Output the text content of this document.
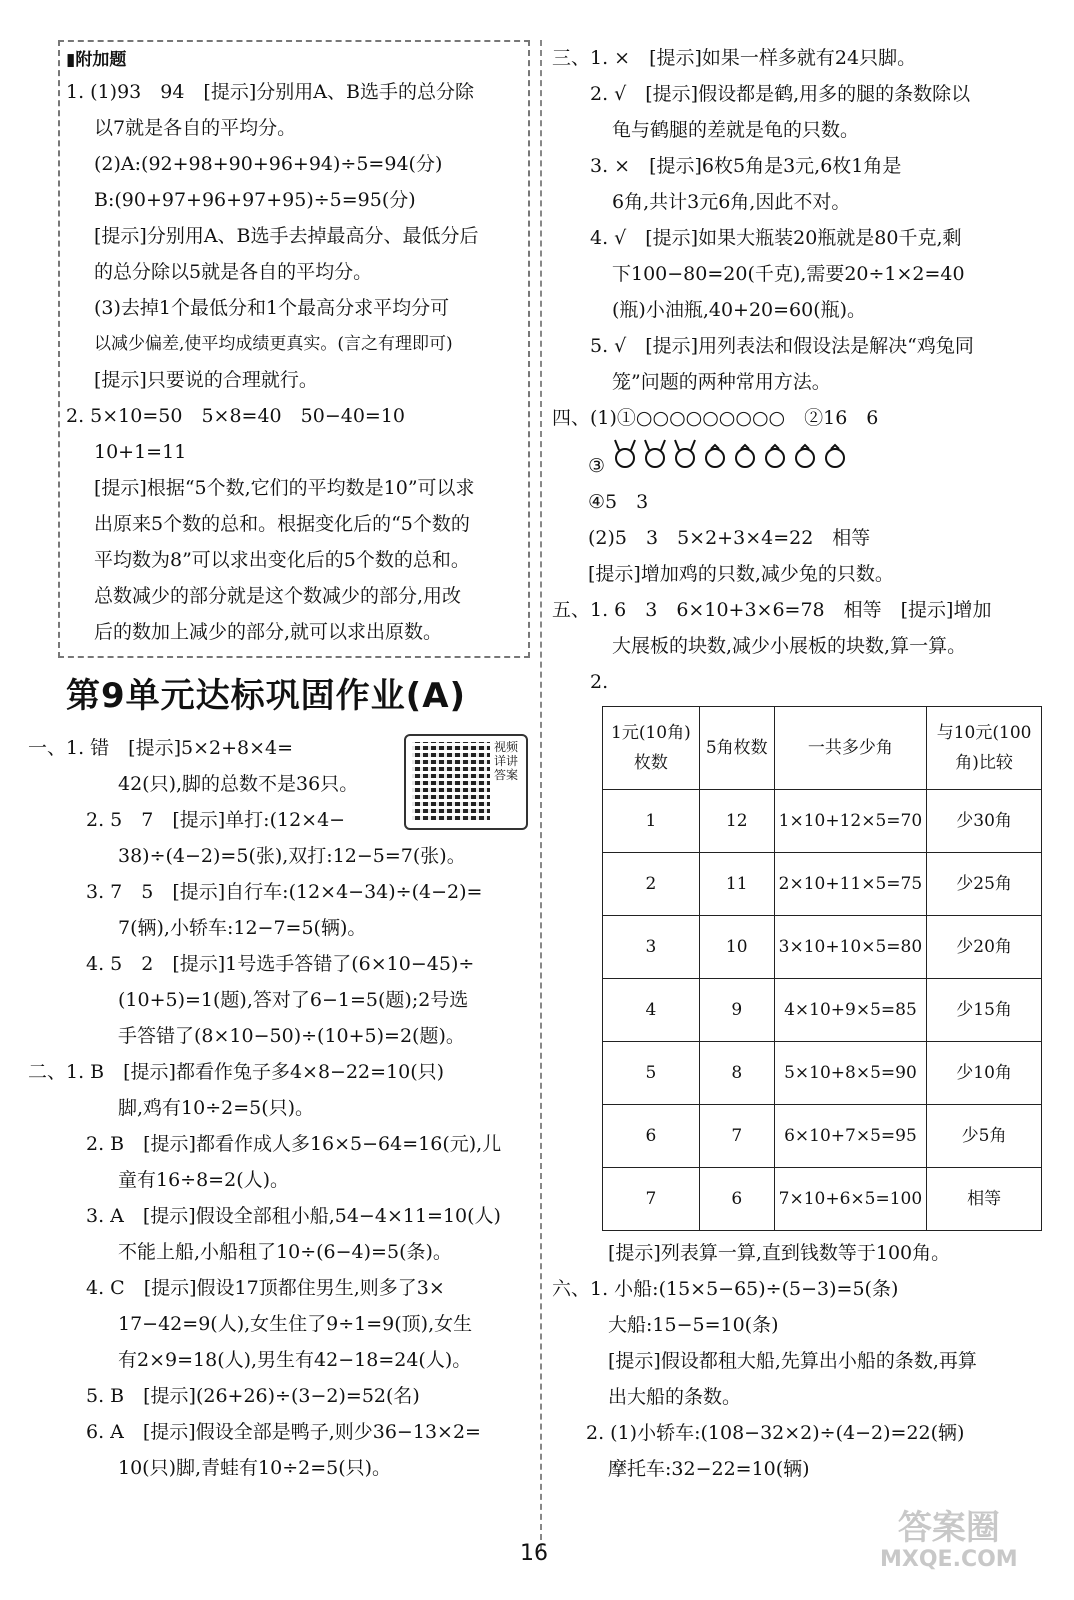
▮附加题
1. (1)93　94　[提示]分别用A、B选手的总分除
以7就是各自的平均分。
(2)A:(92+98+90+96+94)÷5=94(分)
B:(90+97+96+97+95)÷5=95(分)
[提示]分别用A、B选手去掉最高分、最低分后
的总分除以5就是各自的平均分。
(3)去掉1个最低分和1个最高分求平均分可
以减少偏差,使平均成绩更真实。(言之有理即可)
[提示]只要说的合理就行。
2. 5×10=50　5×8=40　50−40=10
10+1=11
[提示]根据“5个数,它们的平均数是10”可以求
出原来5个数的总和。根据变化后的“5个数的
平均数为8”可以求出变化后的5个数的总和。
总数减少的部分就是这个数减少的部分,用改
后的数加上减少的部分,就可以求出原数。
第9单元达标巩固作业(A)
一、1. 错　[提示]5×2+8×4=
42(只),脚的总数不是36只。
2. 5　7　[提示]单打:(12×4−
38)÷(4−2)=5(张),双打:12−5=7(张)。
3. 7　5　[提示]自行车:(12×4−34)÷(4−2)=
7(辆),小轿车:12−7=5(辆)。
4. 5　2　[提示]1号选手答错了(6×10−45)÷
(10+5)=1(题),答对了6−1=5(题);2号选
手答错了(8×10−50)÷(10+5)=2(题)。
二、1. B　[提示]都看作兔子多4×8−22=10(只)
脚,鸡有10÷2=5(只)。
2. B　[提示]都看作成人多16×5−64=16(元),儿
童有16÷8=2(人)。
3. A　[提示]假设全部租小船,54−4×11=10(人)
不能上船,小船租了10÷(6−4)=5(条)。
4. C　[提示]假设17顶都住男生,则多了3×
17−42=9(人),女生住了9÷1=9(顶),女生
有2×9=18(人),男生有42−18=24(人)。
5. B　[提示](26+26)÷(3−2)=52(名)
6. A　[提示]假设全部是鸭子,则少36−13×2=
10(只)脚,青蛙有10÷2=5(只)。
视频详讲答案
三、1. ×　[提示]如果一样多就有24只脚。
2. √　[提示]假设都是鹤,用多的腿的条数除以
龟与鹤腿的差就是龟的只数。
3. ×　[提示]6枚5角是3元,6枚1角是
6角,共计3元6角,因此不对。
4. √　[提示]如果大瓶装20瓶就是80千克,剩
下100−80=20(千克),需要20÷1×2=40
(瓶)小油瓶,40+20=60(瓶)。
5. √　[提示]用列表法和假设法是解决“鸡兔同
笼”问题的两种常用方法。
四、(1)①○○○○○○○○○　②16　6
③
④5　3
(2)5　3　5×2+3×4=22　相等
[提示]增加鸡的只数,减少兔的只数。
五、1. 6　3　6×10+3×6=78　相等　[提示]增加
大展板的块数,减少小展板的块数,算一算。
2.
1元(10角)枚数	5角枚数	一共多少角	与10元(100角)比较
1	12	1×10+12×5=70	少30角
2	11	2×10+11×5=75	少25角
3	10	3×10+10×5=80	少20角
4	9	4×10+9×5=85	少15角
5	8	5×10+8×5=90	少10角
6	7	6×10+7×5=95	少5角
7	6	7×10+6×5=100	相等
[提示]列表算一算,直到钱数等于100角。
六、1. 小船:(15×5−65)÷(5−3)=5(条)
大船:15−5=10(条)
[提示]假设都租大船,先算出小船的条数,再算
出大船的条数。
2. (1)小轿车:(108−32×2)÷(4−2)=22(辆)
摩托车:32−22=10(辆)
16
答案圈
MXQE.COM
